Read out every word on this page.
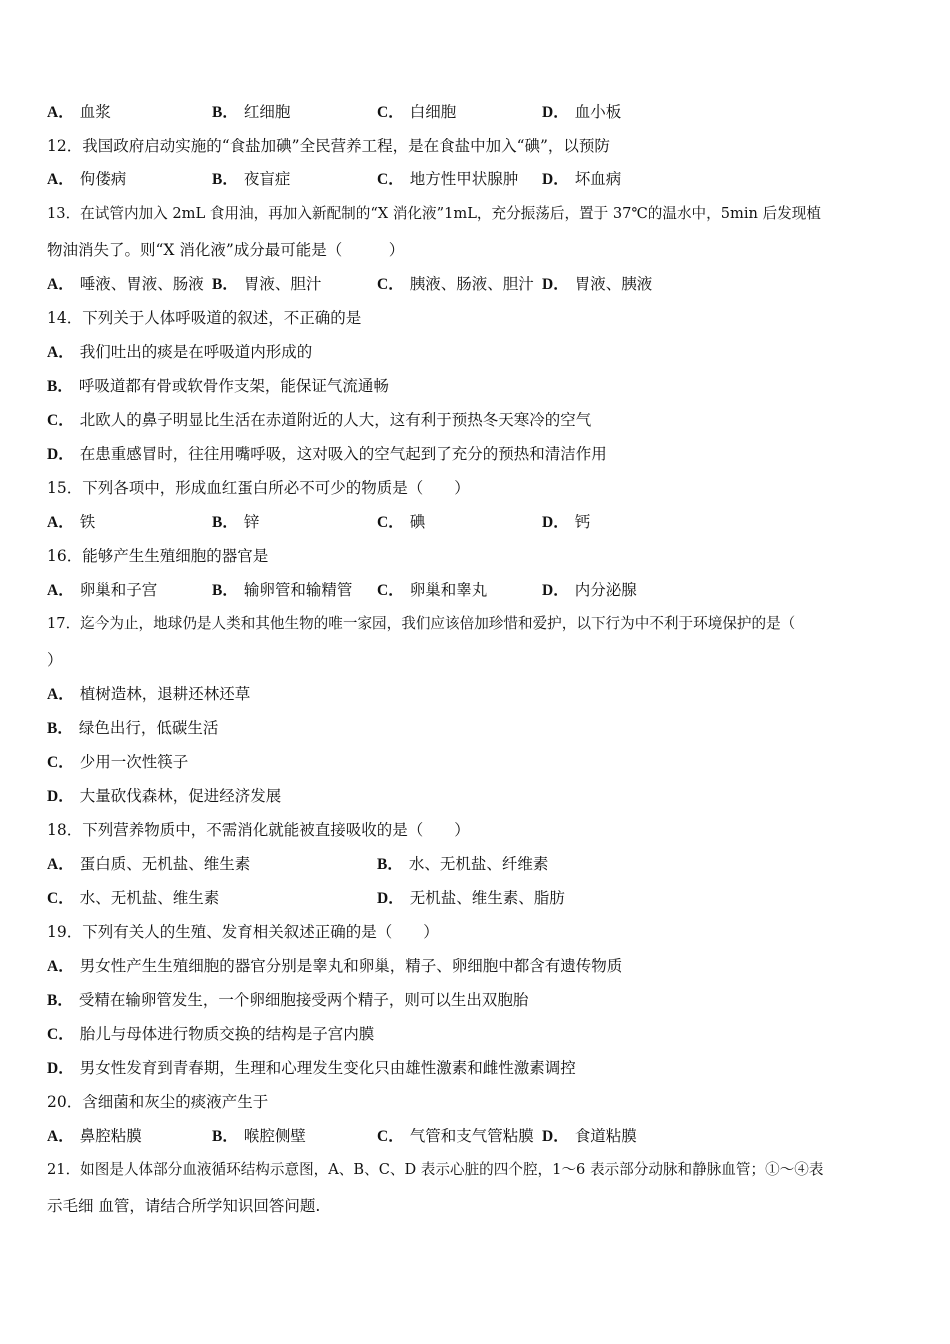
A． 血浆	B． 红细胞	C． 白细胞	D． 血小板
12．我国政府启动实施的“食盐加碘”全民营养工程，是在食盐中加入“碘”，以预防
A． 佝偻病	B． 夜盲症	C． 地方性甲状腺肿 D． 坏血病
13．在试管内加入 2mL 食用油，再加入新配制的“X 消化液”1mL，充分振荡后，置于 37℃的温水中，5min 后发现植
物油消失了。则“X 消化液”成分最可能是（　　　）
A． 唾液、胃液、肠液 B． 胃液、胆汁	C． 胰液、肠液、胆汁 D． 胃液、胰液
14．下列关于人体呼吸道的叙述，不正确的是
A． 我们吐出的痰是在呼吸道内形成的
B． 呼吸道都有骨或软骨作支架，能保证气流通畅
C． 北欧人的鼻子明显比生活在赤道附近的人大，这有利于预热冬天寒冷的空气
D． 在患重感冒时，往往用嘴呼吸，这对吸入的空气起到了充分的预热和清洁作用
15．下列各项中，形成血红蛋白所必不可少的物质是（　　）
A． 铁	B． 锌	C． 碘	D． 钙
16．能够产生生殖细胞的器官是
A． 卵巢和子宫	B． 输卵管和输精管 C． 卵巢和睾丸	D． 内分泌腺
17．迄今为止，地球仍是人类和其他生物的唯一家园，我们应该倍加珍惜和爱护，以下行为中不利于环境保护的是（
）
A． 植树造林，退耕还林还草
B． 绿色出行，低碳生活
C． 少用一次性筷子
D． 大量砍伐森林，促进经济发展
18．下列营养物质中，不需消化就能被直接吸收的是（　　）
A． 蛋白质、无机盐、维生素	B． 水、无机盐、纤维素
C． 水、无机盐、维生素	D． 无机盐、维生素、脂肪
19．下列有关人的生殖、发育相关叙述正确的是（　　）
A． 男女性产生生殖细胞的器官分别是睾丸和卵巢，精子、卵细胞中都含有遗传物质
B． 受精在输卵管发生，一个卵细胞接受两个精子，则可以生出双胞胎
C． 胎儿与母体进行物质交换的结构是子宫内膜
D． 男女性发育到青春期，生理和心理发生变化只由雄性激素和雌性激素调控
20．含细菌和灰尘的痰液产生于
A． 鼻腔粘膜	B． 喉腔侧壁	C． 气管和支气管粘膜 D． 食道粘膜
21．如图是人体部分血液循环结构示意图，A、B、C、D 表示心脏的四个腔，1～6 表示部分动脉和静脉血管；①～④表
示毛细 血管，请结合所学知识回答问题.
